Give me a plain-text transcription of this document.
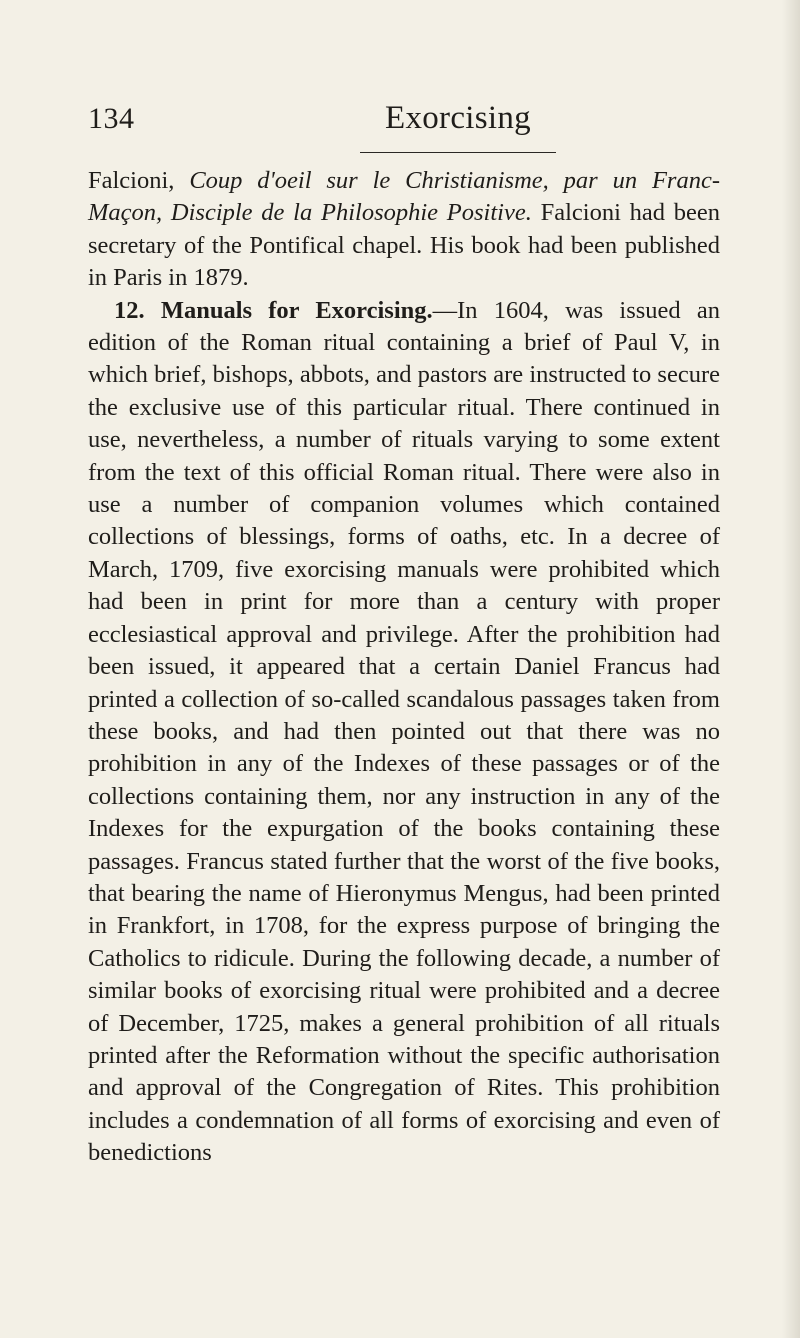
134	Exorcising

Falcioni, Coup d'oeil sur le Christianisme, par un Franc-Maçon, Disciple de la Philosophie Positive. Falcioni had been secretary of the Pontifical chapel. His book had been published in Paris in 1879.

12. Manuals for Exorcising.—In 1604, was issued an edition of the Roman ritual containing a brief of Paul V, in which brief, bishops, abbots, and pastors are instructed to secure the exclusive use of this particular ritual. There continued in use, nevertheless, a number of rituals varying to some extent from the text of this official Roman ritual. There were also in use a number of companion volumes which contained collections of blessings, forms of oaths, etc. In a decree of March, 1709, five exorcising manuals were prohibited which had been in print for more than a century with proper ecclesiastical approval and privilege. After the prohibition had been issued, it appeared that a certain Daniel Francus had printed a collection of so-called scandalous passages taken from these books, and had then pointed out that there was no prohibition in any of the Indexes of these passages or of the collections containing them, nor any instruction in any of the Indexes for the expurgation of the books containing these passages. Francus stated further that the worst of the five books, that bearing the name of Hieronymus Mengus, had been printed in Frankfort, in 1708, for the express purpose of bringing the Catholics to ridicule. During the following decade, a number of similar books of exorcising ritual were prohibited and a decree of December, 1725, makes a general prohibition of all rituals printed after the Reformation without the specific authorisation and approval of the Congregation of Rites. This prohibition includes a condemnation of all forms of exorcising and even of benedictions
